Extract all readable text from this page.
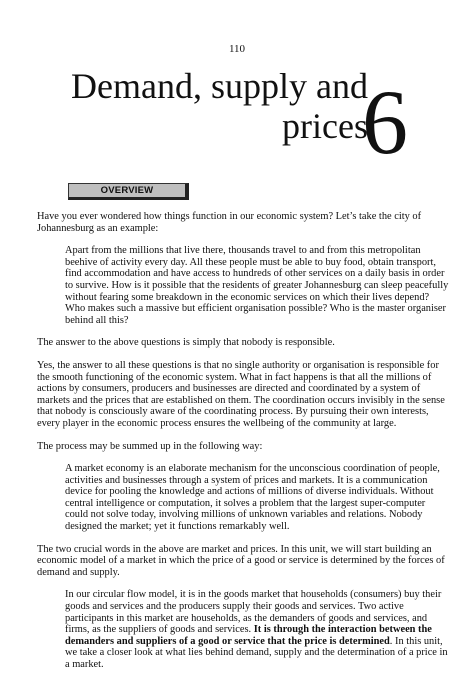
110
Demand, supply and
prices
6
OVERVIEW

Have you ever wondered how things function in our economic system? Let’s take the city of Johannesburg as an example:

Apart from the millions that live there, thousands travel to and from this metropolitan beehive of activity every day. All these people must be able to buy food, obtain transport, find accommodation and have access to hundreds of other services on a daily basis in order to survive. How is it possible that the residents of greater Johannesburg can sleep peacefully without fearing some breakdown in the economic services on which their lives depend? Who makes such a massive but efficient organisation possible? Who is the master organiser behind all this?

The answer to the above questions is simply that nobody is responsible.

Yes, the answer to all these questions is that no single authority or organisation is responsible for the smooth functioning of the economic system. What in fact happens is that all the millions of actions by consumers, producers and businesses are directed and coordinated by a system of markets and the prices that are established on them. The coordination occurs invisibly in the sense that nobody is consciously aware of the coordinating process. By pursuing their own interests, every player in the economic process ensures the wellbeing of the community at large.

The process may be summed up in the following way:

A market economy is an elaborate mechanism for the unconscious coordination of people, activities and businesses through a system of prices and markets. It is a communication device for pooling the knowledge and actions of millions of diverse individuals. Without central intelligence or computation, it solves a problem that the largest super-computer could not solve today, involving millions of unknown variables and relations. Nobody designed the market; yet it functions remarkably well.

The two crucial words in the above are market and prices. In this unit, we will start building an economic model of a market in which the price of a good or service is determined by the forces of demand and supply.

In our circular flow model, it is in the goods market that households (consumers) buy their goods and services and the producers supply their goods and services. Two active participants in this market are households, as the demanders of goods and services, and firms, as the suppliers of goods and services. It is through the interaction between the demanders and suppliers of a good or service that the price is determined. In this unit, we take a closer look at what lies behind demand, supply and the determination of a price in a market.
